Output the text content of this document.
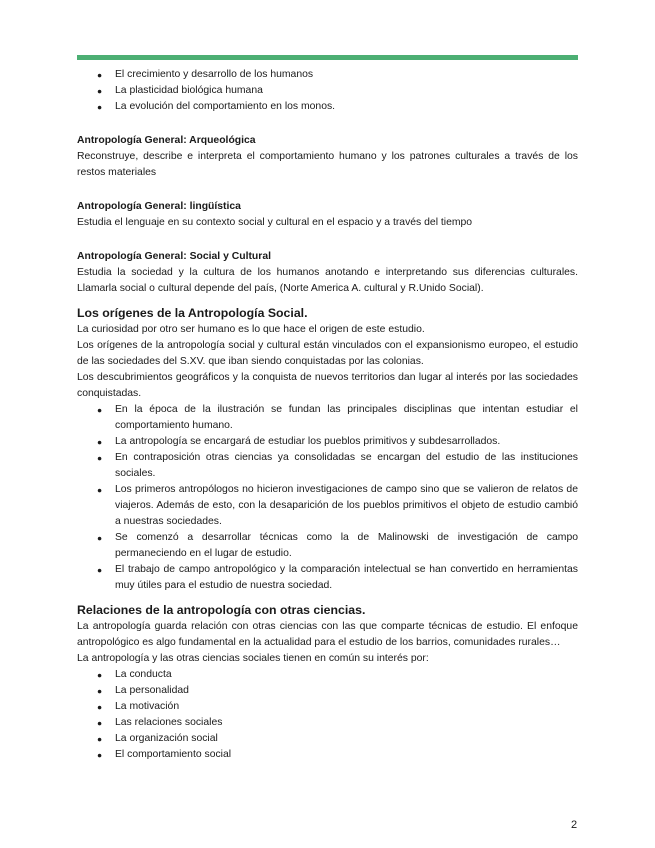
● El crecimiento y desarrollo de los humanos
● La plasticidad biológica humana
● La evolución del comportamiento en los monos.

Antropología General: Arqueológica

Reconstruye, describe e interpreta el comportamiento humano y los patrones culturales a través de los restos materiales

Antropología General: lingüística

Estudia el lenguaje en su contexto social y cultural en el espacio y a través del tiempo

Antropología General: Social y Cultural

Estudia la sociedad y la cultura de los humanos anotando e interpretando sus diferencias culturales. Llamarla social o cultural depende del país, (Norte America A. cultural y R.Unido Social).

Los orígenes de la Antropología Social.

La curiosidad por otro ser humano es lo que hace el origen de este estudio.

Los orígenes de la antropología social y cultural están vinculados con el expansionismo europeo, el estudio de las sociedades del S.XV. que iban siendo conquistadas por las colonias.

Los descubrimientos geográficos y la conquista de nuevos territorios dan lugar al interés por las sociedades conquistadas.

● En la época de la ilustración se fundan las principales disciplinas que intentan estudiar el comportamiento humano.
● La antropología se encargará de estudiar los pueblos primitivos y subdesarrollados.
● En contraposición otras ciencias ya consolidadas se encargan del estudio de las instituciones sociales.
● Los primeros antropólogos no hicieron investigaciones de campo sino que se valieron de relatos de viajeros. Además de esto, con la desaparición de los pueblos primitivos el objeto de estudio cambió a nuestras sociedades.
● Se comenzó a desarrollar técnicas como la de Malinowski de investigación de campo permaneciendo en el lugar de estudio.
● El trabajo de campo antropológico y la comparación intelectual se han convertido en herramientas muy útiles para el estudio de nuestra sociedad.

Relaciones de la antropología con otras ciencias.

La antropología guarda relación con otras ciencias con las que comparte técnicas de estudio. El enfoque antropológico es algo fundamental en la actualidad para el estudio de los barrios, comunidades rurales…

La antropología y las otras ciencias sociales tienen en común su interés por:

● La conducta
● La personalidad
● La motivación
● Las relaciones sociales
● La organización social
● El comportamiento social
2
